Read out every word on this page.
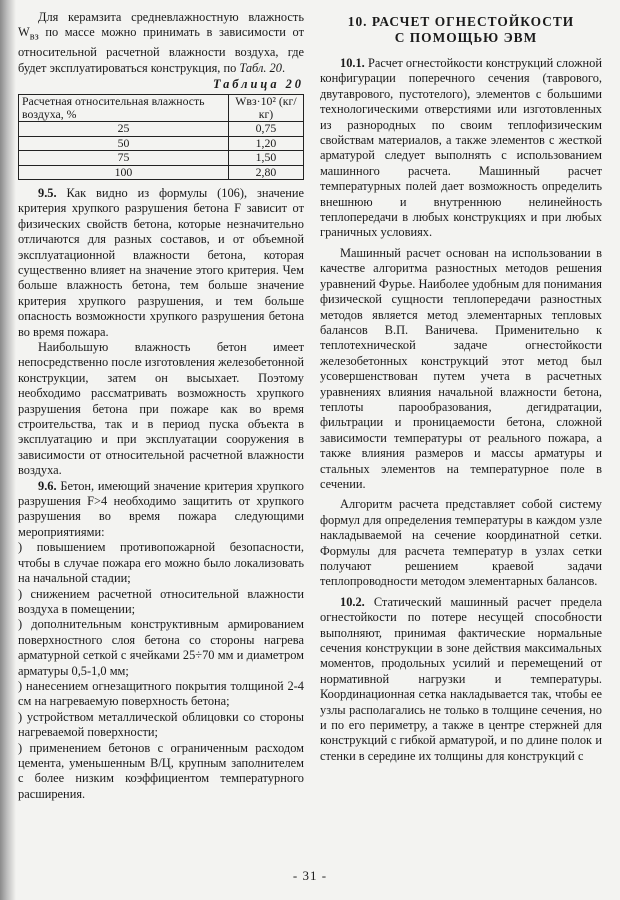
Для керамзита средневлажностную влажность $W_{вз}$ по массе можно принимать в зависимости от относительной расчетной влажности воздуха, где будет эксплуатироваться конструкция, по Табл. 20.

Таблица 20
Расчетная относительная влажность воздуха, %	Wвз·10² (кг/кг)
25	0,75
50	1,20
75	1,50
100	2,80

9.5. Как видно из формулы (106), значение критерия хрупкого разрушения бетона F зависит от физических свойств бетона, которые незначительно отличаются для разных составов, и от объемной эксплуатационной влажности бетона, которая существенно влияет на значение этого критерия. Чем больше влажность бетона, тем больше значение критерия хрупкого разрушения, и тем больше опасность возможности хрупкого разрушения бетона во время пожара.

Наибольшую влажность бетон имеет непосредственно после изготовления железобетонной конструкции, затем он высыхает. Поэтому необходимо рассматривать возможность хрупкого разрушения бетона при пожаре как во время строительства, так и в период пуска объекта в эксплуатацию и при эксплуатации сооружения в зависимости от относительной расчетной влажности воздуха.

9.6. Бетон, имеющий значение критерия хрупкого разрушения F>4 необходимо защитить от хрупкого разрушения во время пожара следующими мероприятиями:

) повышением противопожарной безопасности, чтобы в случае пожара его можно было локализовать на начальной стадии;

) снижением расчетной относительной влажности воздуха в помещении;

) дополнительным конструктивным армированием поверхностного слоя бетона со стороны нагрева арматурной сеткой с ячейками 25÷70 мм и диаметром арматуры 0,5-1,0 мм;

) нанесением огнезащитного покрытия толщиной 2-4 см на нагреваемую поверхность бетона;

) устройством металлической облицовки со стороны нагреваемой поверхности;

) применением бетонов с ограниченным расходом цемента, уменьшенным В/Ц, крупным заполнителем с более низким коэффициентом температурного расширения.

10. РАСЧЕТ ОГНЕСТОЙКОСТИ
С ПОМОЩЬЮ ЭВМ

10.1. Расчет огнестойкости конструкций сложной конфигурации поперечного сечения (таврового, двутаврового, пустотелого), элементов с большими технологическими отверстиями или изготовленных из разнородных по своим теплофизическим свойствам материалов, а также элементов с жесткой арматурой следует выполнять с использованием машинного расчета. Машинный расчет температурных полей дает возможность определить внешнюю и внутреннюю нелинейность теплопередачи в любых конструкциях и при любых граничных условиях.

Машинный расчет основан на использовании в качестве алгоритма разностных методов решения уравнений Фурье. Наиболее удобным для понимания физической сущности теплопередачи разностных методов является метод элементарных тепловых балансов В.П. Ваничева. Применительно к теплотехнической задаче огнестойкости железобетонных конструкций этот метод был усовершенствован путем учета в расчетных уравнениях влияния начальной влажности бетона, теплоты парообразования, дегидратации, фильтрации и проницаемости бетона, сложной зависимости температуры от реального пожара, а также влияния размеров и массы арматуры и стальных элементов на температурное поле в сечении.

Алгоритм расчета представляет собой систему формул для определения температуры в каждом узле накладываемой на сечение координатной сетки. Формулы для расчета температур в узлах сетки получают решением краевой задачи теплопроводности методом элементарных балансов.

10.2. Статический машинный расчет предела огнестойкости по потере несущей способности выполняют, принимая фактические нормальные сечения конструкции в зоне действия максимальных моментов, продольных усилий и перемещений от нормативной нагрузки и температуры. Координационная сетка накладывается так, чтобы ее узлы располагались не только в толщине сечения, но и по его периметру, а также в центре стержней для конструкций с гибкой арматурой, и по длине полок и стенки в середине их толщины для конструкций с

- 31 -
